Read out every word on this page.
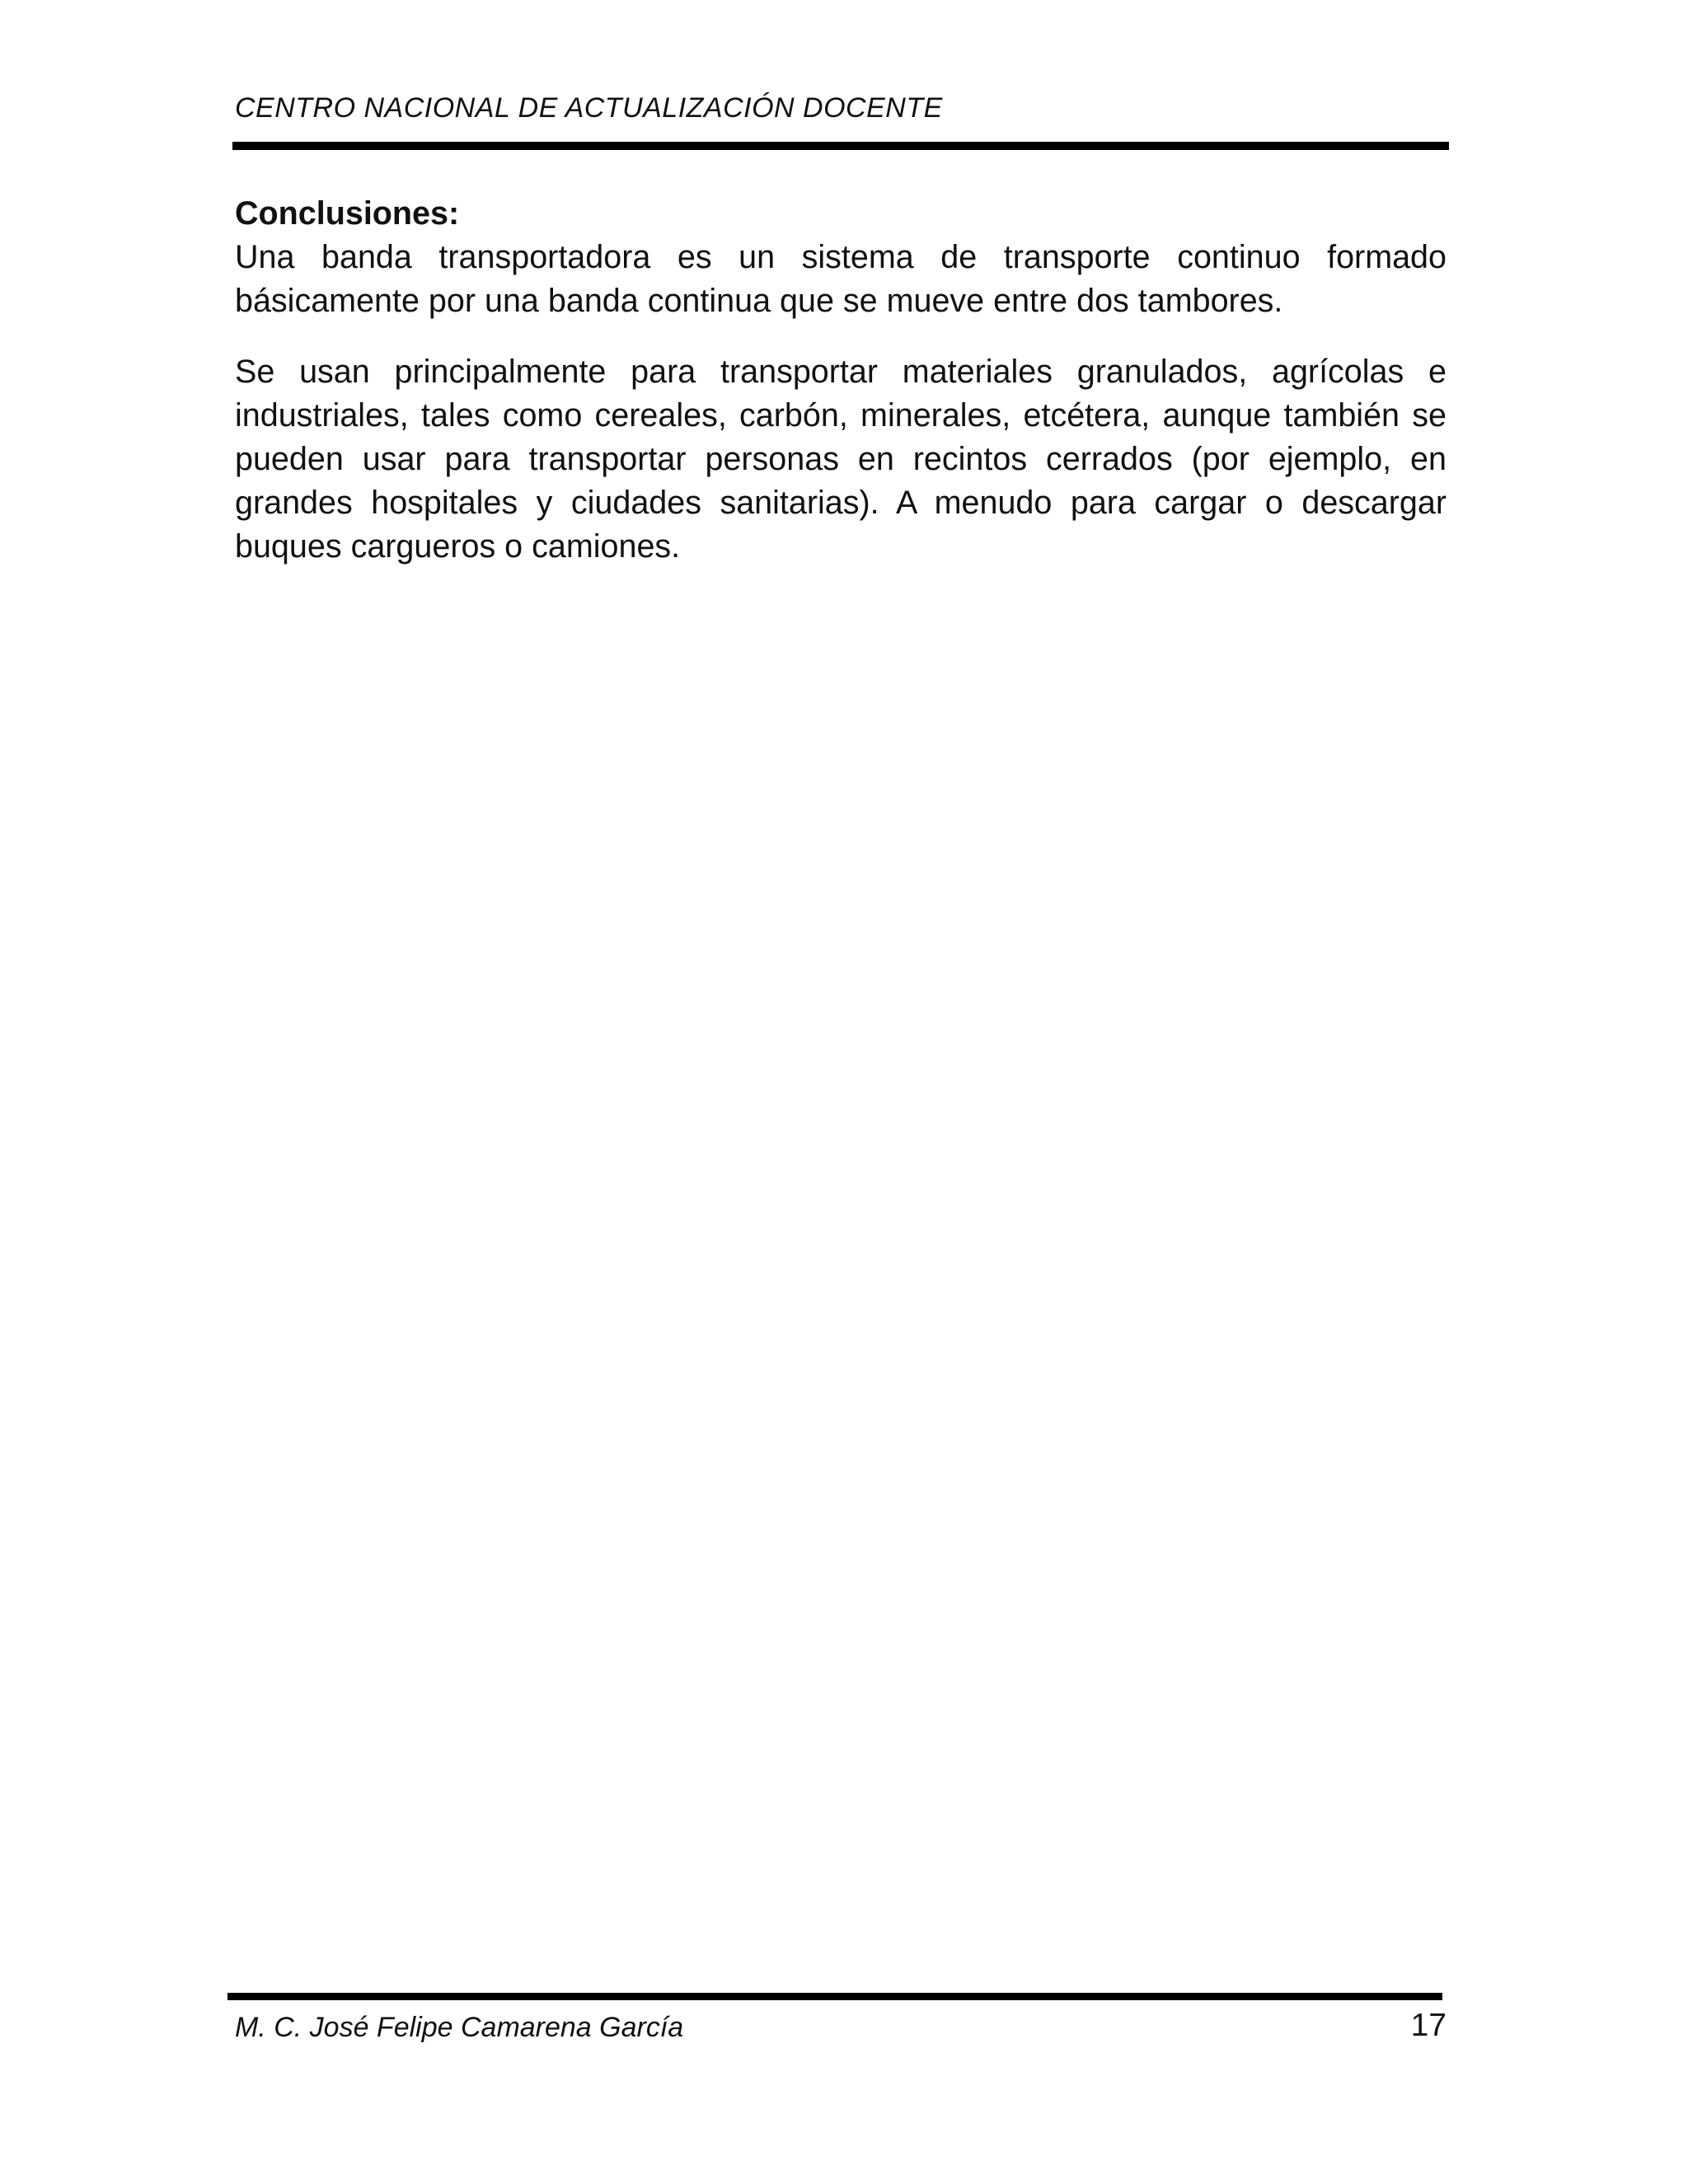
CENTRO NACIONAL DE ACTUALIZACIÓN DOCENTE

Conclusiones:

Una banda transportadora es un sistema de transporte continuo formado básicamente por una banda continua que se mueve entre dos tambores.

Se usan principalmente para transportar materiales granulados, agrícolas e industriales, tales como cereales, carbón, minerales, etcétera, aunque también se pueden usar para transportar personas en recintos cerrados (por ejemplo, en grandes hospitales y ciudades sanitarias). A menudo para cargar o descargar buques cargueros o camiones.

M. C. José Felipe Camarena García	17
